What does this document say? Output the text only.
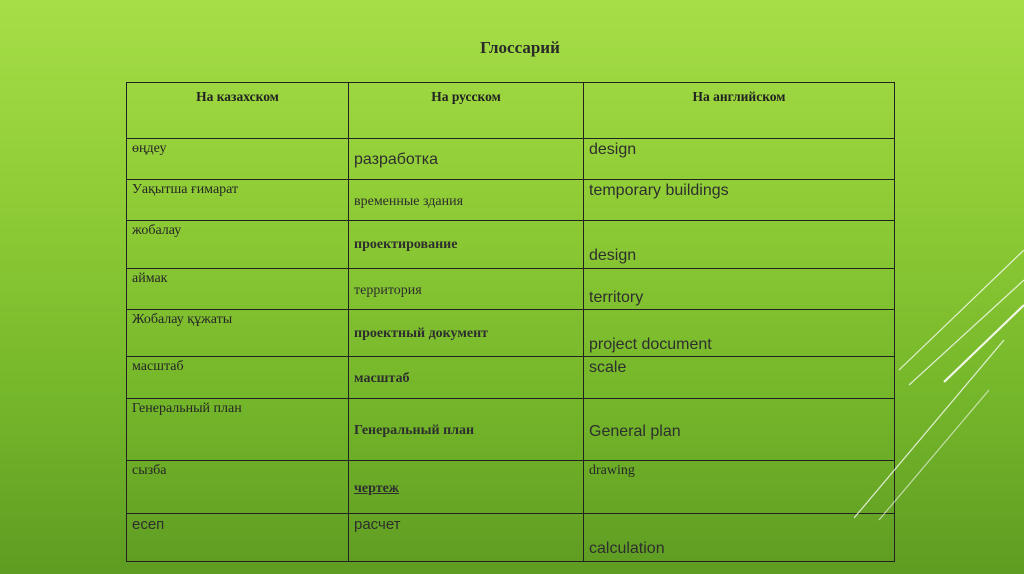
Глоссарий
На казахском	На русском	На английском
өңдеу	разработка	design
Уақытша ғимарат	временные здания	temporary buildings
жобалау	проектирование	design

аймак	территория	territory

Жобалау құжаты	проектный документ	project document

масштаб	масштаб	scale
Генеральный план	Генеральный план	General plan

сызба	чертеж	drawing
есеп	расчет	calculation
